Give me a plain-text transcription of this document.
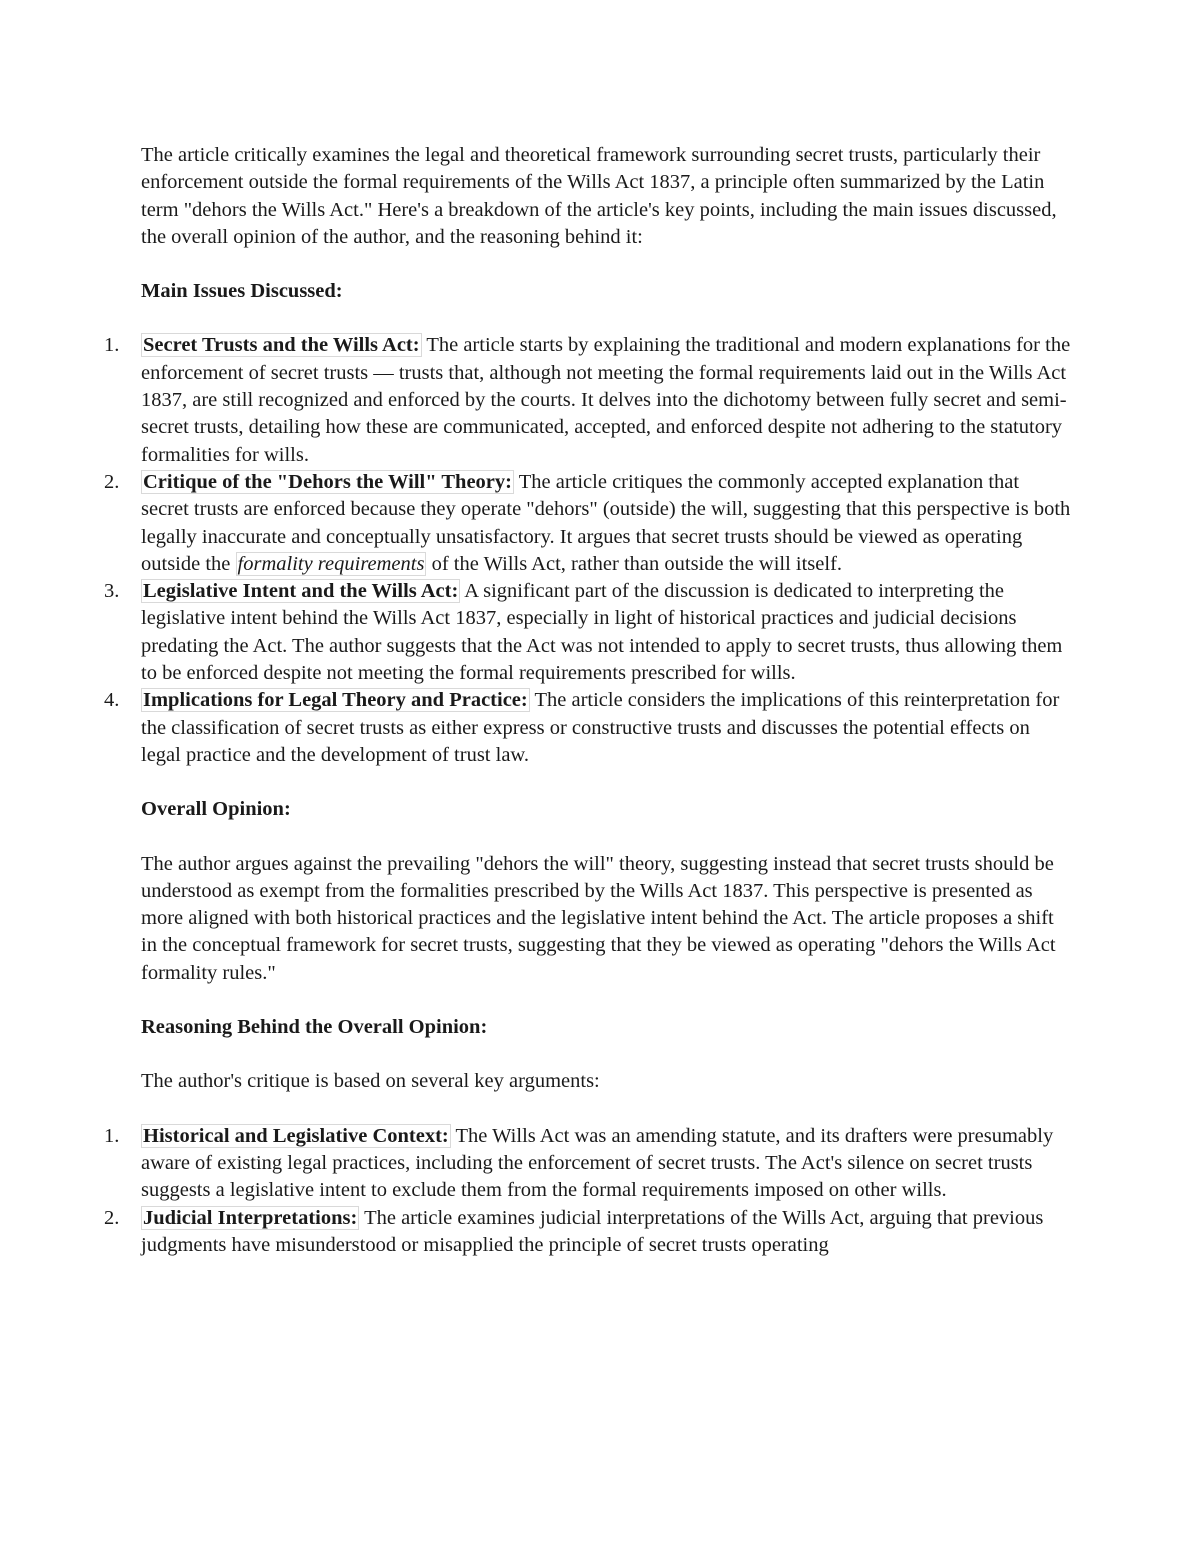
The article critically examines the legal and theoretical framework surrounding secret trusts, particularly their enforcement outside the formal requirements of the Wills Act 1837, a principle often summarized by the Latin term "dehors the Wills Act." Here's a breakdown of the article's key points, including the main issues discussed, the overall opinion of the author, and the reasoning behind it:

Main Issues Discussed:

1. Secret Trusts and the Wills Act: The article starts by explaining the traditional and modern explanations for the enforcement of secret trusts — trusts that, although not meeting the formal requirements laid out in the Wills Act 1837, are still recognized and enforced by the courts. It delves into the dichotomy between fully secret and semi-secret trusts, detailing how these are communicated, accepted, and enforced despite not adhering to the statutory formalities for wills.
2. Critique of the "Dehors the Will" Theory: The article critiques the commonly accepted explanation that secret trusts are enforced because they operate "dehors" (outside) the will, suggesting that this perspective is both legally inaccurate and conceptually unsatisfactory. It argues that secret trusts should be viewed as operating outside the formality requirements of the Wills Act, rather than outside the will itself.
3. Legislative Intent and the Wills Act: A significant part of the discussion is dedicated to interpreting the legislative intent behind the Wills Act 1837, especially in light of historical practices and judicial decisions predating the Act. The author suggests that the Act was not intended to apply to secret trusts, thus allowing them to be enforced despite not meeting the formal requirements prescribed for wills.
4. Implications for Legal Theory and Practice: The article considers the implications of this reinterpretation for the classification of secret trusts as either express or constructive trusts and discusses the potential effects on legal practice and the development of trust law.

Overall Opinion:

The author argues against the prevailing "dehors the will" theory, suggesting instead that secret trusts should be understood as exempt from the formalities prescribed by the Wills Act 1837. This perspective is presented as more aligned with both historical practices and the legislative intent behind the Act. The article proposes a shift in the conceptual framework for secret trusts, suggesting that they be viewed as operating "dehors the Wills Act formality rules."

Reasoning Behind the Overall Opinion:

The author's critique is based on several key arguments:

1. Historical and Legislative Context: The Wills Act was an amending statute, and its drafters were presumably aware of existing legal practices, including the enforcement of secret trusts. The Act's silence on secret trusts suggests a legislative intent to exclude them from the formal requirements imposed on other wills.
2. Judicial Interpretations: The article examines judicial interpretations of the Wills Act, arguing that previous judgments have misunderstood or misapplied the principle of secret trusts operating
